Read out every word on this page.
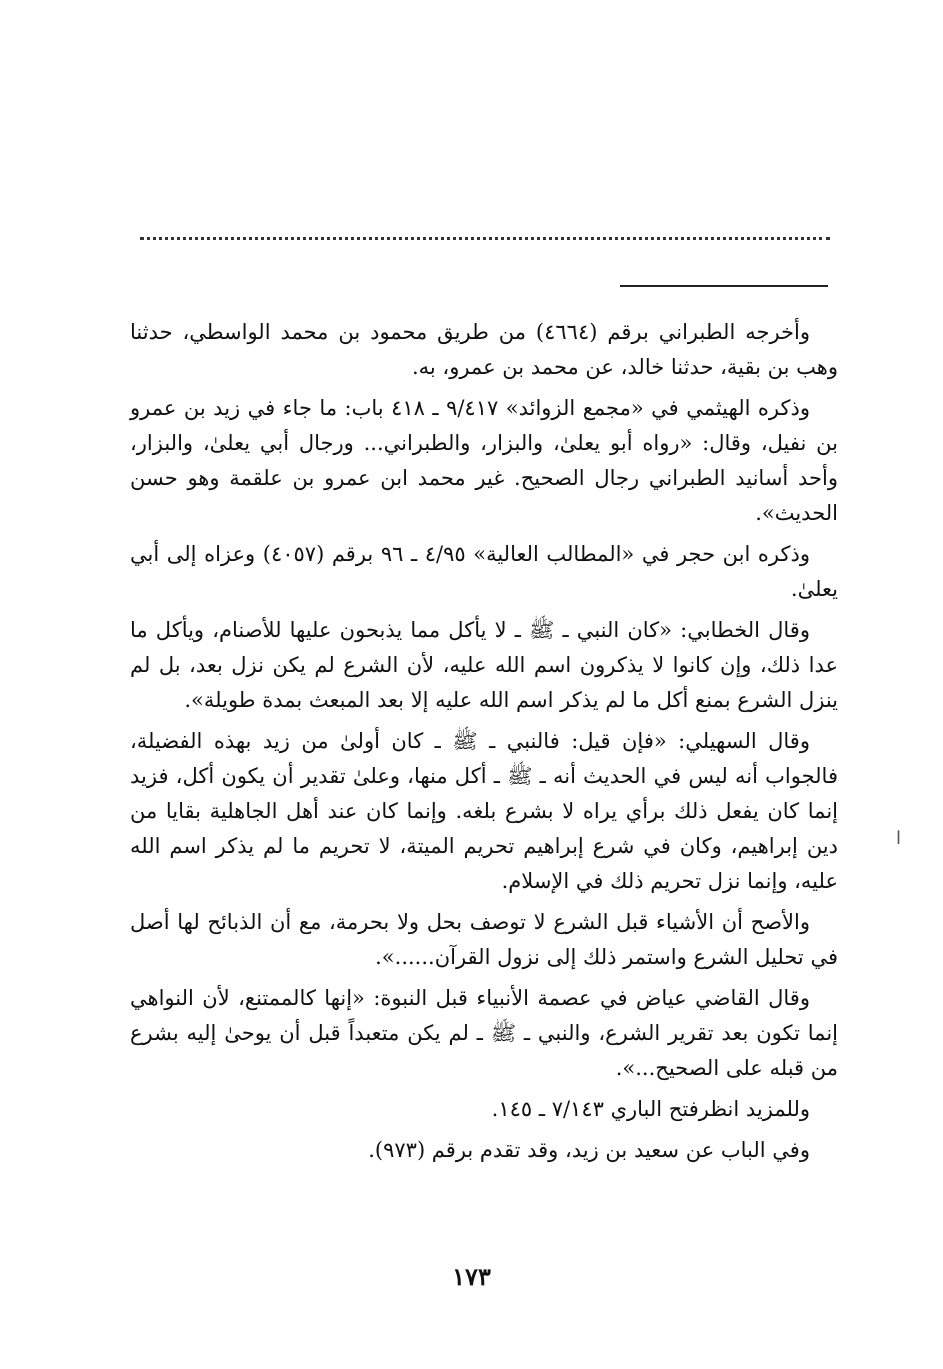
وأخرجه الطبراني برقم (٤٦٦٤) من طريق محمود بن محمد الواسطي، حدثنا وهب بن بقية، حدثنا خالد، عن محمد بن عمرو، به.

وذكره الهيثمي في «مجمع الزوائد» ٩/٤١٧ ـ ٤١٨ باب: ما جاء في زيد بن عمرو بن نفيل، وقال: «رواه أبو يعلىٰ، والبزار، والطبراني... ورجال أبي يعلىٰ، والبزار، وأحد أسانيد الطبراني رجال الصحيح. غير محمد ابن عمرو بن علقمة وهو حسن الحديث».

وذكره ابن حجر في «المطالب العالية» ٤/٩٥ ـ ٩٦ برقم (٤٠٥٧) وعزاه إلى أبي يعلىٰ.

وقال الخطابي: «كان النبي ـ ﷺ ـ لا يأكل مما يذبحون عليها للأصنام، ويأكل ما عدا ذلك، وإن كانوا لا يذكرون اسم الله عليه، لأن الشرع لم يكن نزل بعد، بل لم ينزل الشرع بمنع أكل ما لم يذكر اسم الله عليه إلا بعد المبعث بمدة طويلة».

وقال السهيلي: «فإن قيل: فالنبي ـ ﷺ ـ كان أولىٰ من زيد بهذه الفضيلة، فالجواب أنه ليس في الحديث أنه ـ ﷺ ـ أكل منها، وعلىٰ تقدير أن يكون أكل، فزيد إنما كان يفعل ذلك برأي يراه لا بشرع بلغه. وإنما كان عند أهل الجاهلية بقايا من دين إبراهيم، وكان في شرع إبراهيم تحريم الميتة، لا تحريم ما لم يذكر اسم الله عليه، وإنما نزل تحريم ذلك في الإسلام.

والأصح أن الأشياء قبل الشرع لا توصف بحل ولا بحرمة، مع أن الذبائح لها أصل في تحليل الشرع واستمر ذلك إلى نزول القرآن......».

وقال القاضي عياض في عصمة الأنبياء قبل النبوة: «إنها كالممتنع، لأن النواهي إنما تكون بعد تقرير الشرع، والنبي ـ ﷺ ـ لم يكن متعبداً قبل أن يوحىٰ إليه بشرع من قبله على الصحيح...».

وللمزيد انظرفتح الباري ٧/١٤٣ ـ ١٤٥.

وفي الباب عن سعيد بن زيد، وقد تقدم برقم (٩٧٣).

ا
١٧٣
